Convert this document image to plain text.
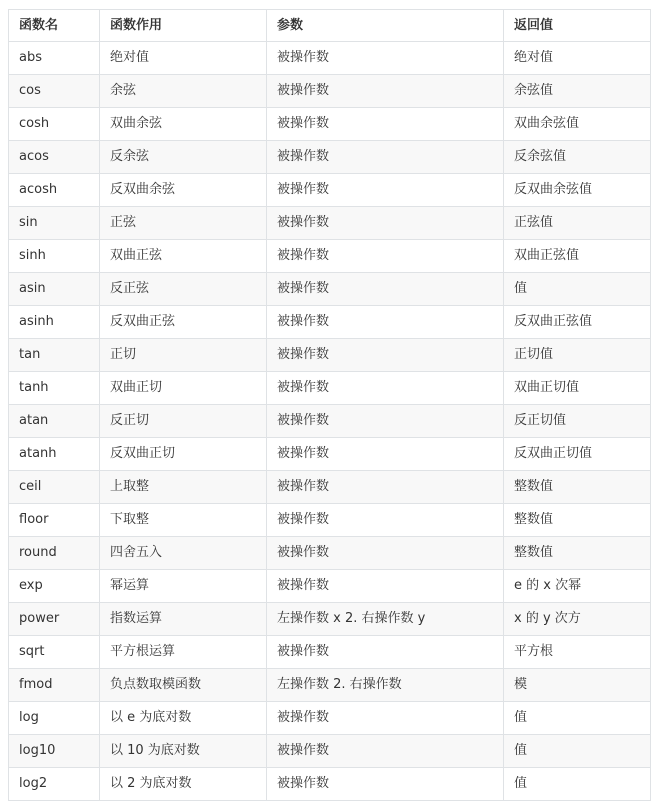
函数名	函数作用	参数	返回值
abs	绝对值	被操作数	绝对值
cos	余弦	被操作数	余弦值
cosh	双曲余弦	被操作数	双曲余弦值
acos	反余弦	被操作数	反余弦值
acosh	反双曲余弦	被操作数	反双曲余弦值
sin	正弦	被操作数	正弦值
sinh	双曲正弦	被操作数	双曲正弦值
asin	反正弦	被操作数	值
asinh	反双曲正弦	被操作数	反双曲正弦值
tan	正切	被操作数	正切值
tanh	双曲正切	被操作数	双曲正切值
atan	反正切	被操作数	反正切值
atanh	反双曲正切	被操作数	反双曲正切值
ceil	上取整	被操作数	整数值
floor	下取整	被操作数	整数值
round	四舍五入	被操作数	整数值
exp	幂运算	被操作数	e 的 x 次幂
power	指数运算	左操作数 x 2. 右操作数 y	x 的 y 次方
sqrt	平方根运算	被操作数	平方根
fmod	负点数取模函数	左操作数 2. 右操作数	模
log	以 e 为底对数	被操作数	值
log10	以 10 为底对数	被操作数	值
log2	以 2 为底对数	被操作数	值
